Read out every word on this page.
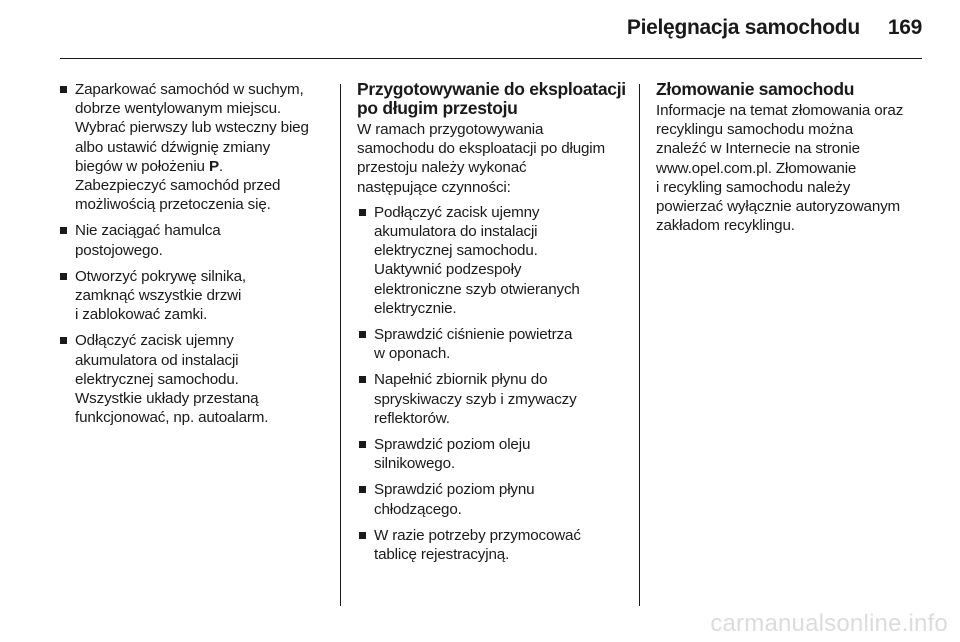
Pielęgnacja samochodu 169
Zaparkować samochód w suchym,
dobrze wentylowanym miejscu.
Wybrać pierwszy lub wsteczny bieg
albo ustawić dźwignię zmiany
biegów w położeniu P.
Zabezpieczyć samochód przed
możliwością przetoczenia się.
Nie zaciągać hamulca
postojowego.
Otworzyć pokrywę silnika,
zamknąć wszystkie drzwi
i zablokować zamki.
Odłączyć zacisk ujemny
akumulatora od instalacji
elektrycznej samochodu.
Wszystkie układy przestaną
funkcjonować, np. autoalarm.
Przygotowywanie do eksploatacji
po długim przestoju
W ramach przygotowywania
samochodu do eksploatacji po długim
przestoju należy wykonać
następujące czynności:
Podłączyć zacisk ujemny
akumulatora do instalacji
elektrycznej samochodu.
Uaktywnić podzespoły
elektroniczne szyb otwieranych
elektrycznie.
Sprawdzić ciśnienie powietrza
w oponach.
Napełnić zbiornik płynu do
spryskiwaczy szyb i zmywaczy
reflektorów.
Sprawdzić poziom oleju
silnikowego.
Sprawdzić poziom płynu
chłodzącego.
W razie potrzeby przymocować
tablicę rejestracyjną.
Złomowanie samochodu
Informacje na temat złomowania oraz
recyklingu samochodu można
znaleźć w Internecie na stronie
www.opel.com.pl. Złomowanie
i recykling samochodu należy
powierzać wyłącznie autoryzowanym
zakładom recyklingu.
carmanualsonline.info
